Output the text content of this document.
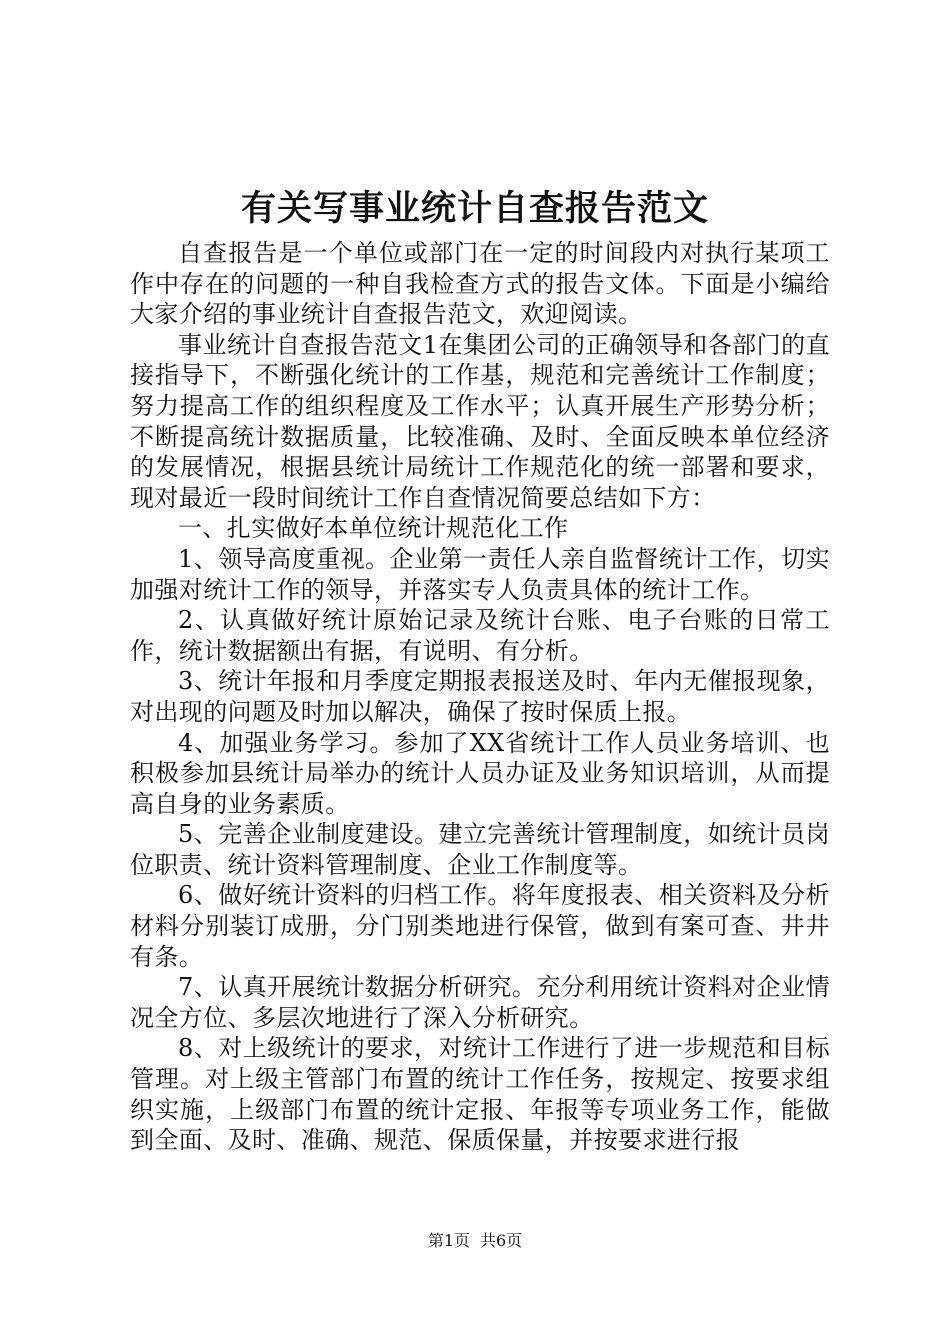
有关写事业统计自查报告范文

自查报告是一个单位或部门在一定的时间段内对执行某项工作中存在的问题的一种自我检查方式的报告文体。下面是小编给大家介绍的事业统计自查报告范文，欢迎阅读。

事业统计自查报告范文1在集团公司的正确领导和各部门的直接指导下，不断强化统计的工作基，规范和完善统计工作制度；努力提高工作的组织程度及工作水平；认真开展生产形势分析；不断提高统计数据质量，比较准确、及时、全面反映本单位经济的发展情况，根据县统计局统计工作规范化的统一部署和要求，现对最近一段时间统计工作自查情况简要总结如下方：

一、扎实做好本单位统计规范化工作

1、领导高度重视。企业第一责任人亲自监督统计工作，切实加强对统计工作的领导，并落实专人负责具体的统计工作。

2、认真做好统计原始记录及统计台账、电子台账的日常工作，统计数据额出有据，有说明、有分析。

3、统计年报和月季度定期报表报送及时、年内无催报现象，对出现的问题及时加以解决，确保了按时保质上报。

4、加强业务学习。参加了XX省统计工作人员业务培训、也积极参加县统计局举办的统计人员办证及业务知识培训，从而提高自身的业务素质。

5、完善企业制度建设。建立完善统计管理制度，如统计员岗位职责、统计资料管理制度、企业工作制度等。

6、做好统计资料的归档工作。将年度报表、相关资料及分析材料分别装订成册，分门别类地进行保管，做到有案可查、井井有条。

7、认真开展统计数据分析研究。充分利用统计资料对企业情况全方位、多层次地进行了深入分析研究。

8、对上级统计的要求，对统计工作进行了进一步规范和目标管理。对上级主管部门布置的统计工作任务，按规定、按要求组织实施，上级部门布置的统计定报、年报等专项业务工作，能做到全面、及时、准确、规范、保质保量，并按要求进行报

第1页 共6页
